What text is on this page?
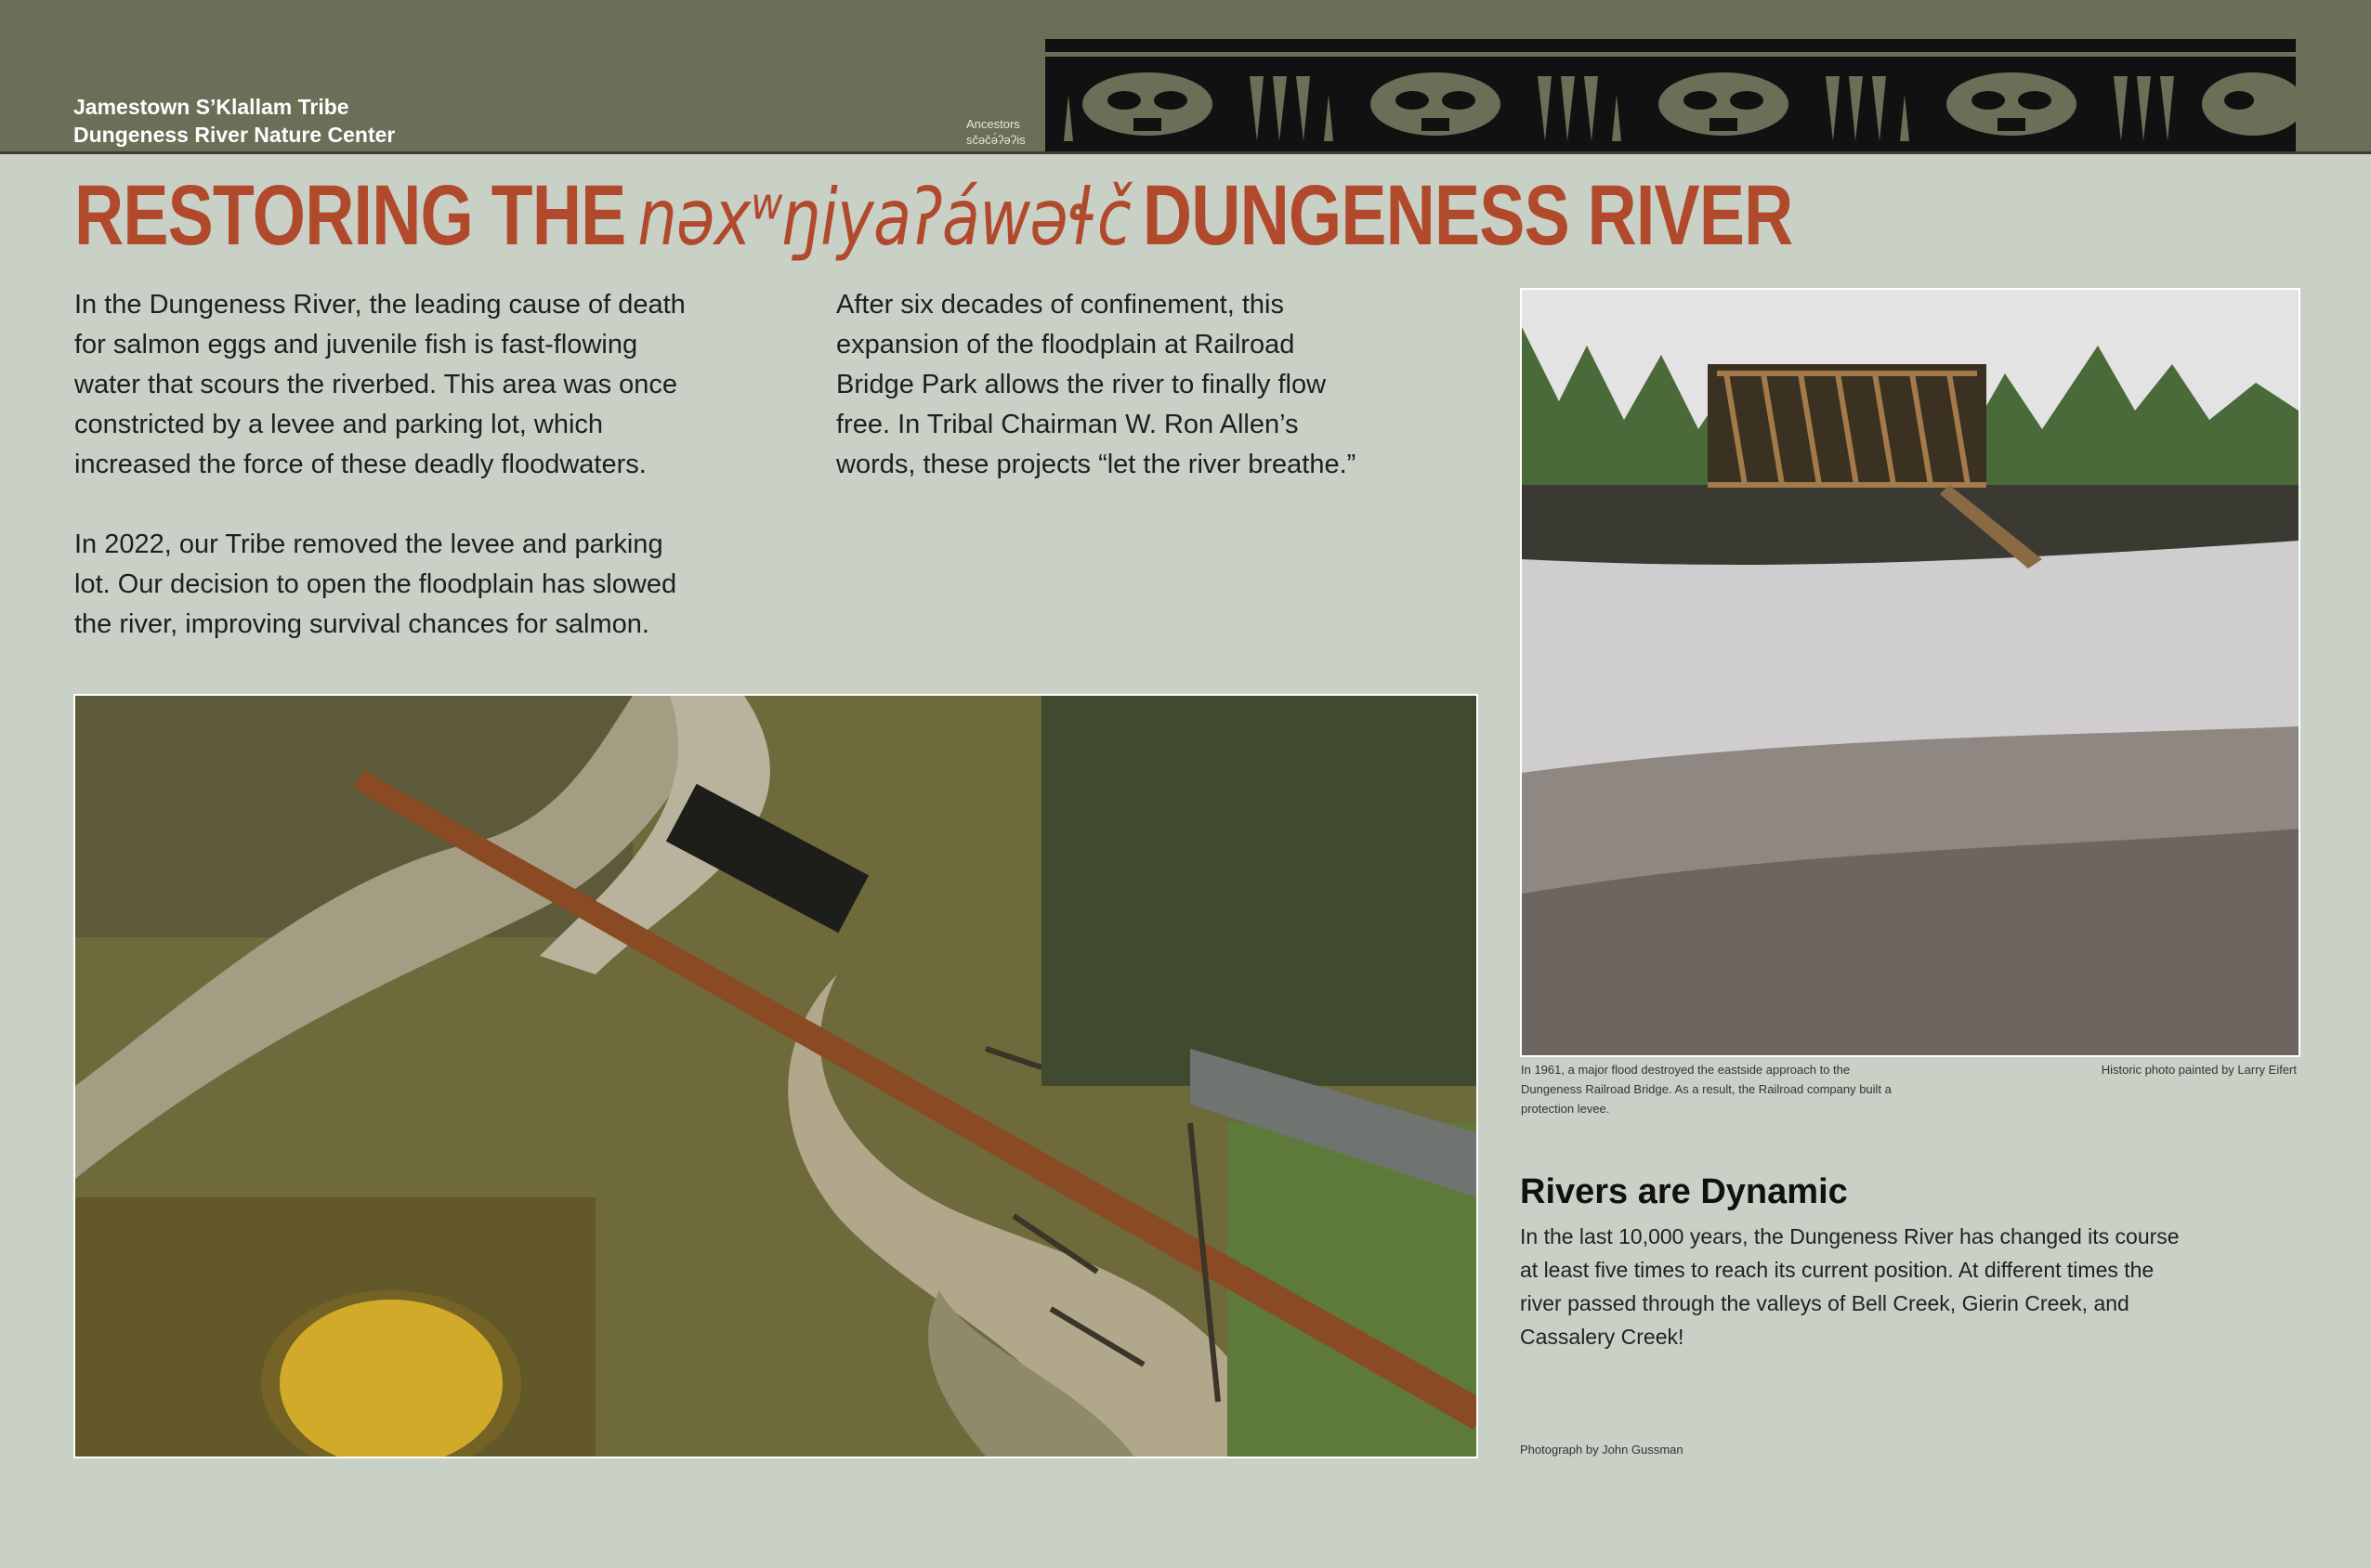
Jamestown S’Klallam Tribe
Dungeness River Nature Center	Ancestors
sčəčə́ʔəʔis
RESTORING THE nəxʷŋiyaʔáwəɬč DUNGENESS RIVER
In the Dungeness River, the leading cause of death for salmon eggs and juvenile fish is fast-flowing water that scours the riverbed. This area was once constricted by a levee and parking lot, which increased the force of these deadly floodwaters.
In 2022, our Tribe removed the levee and parking lot. Our decision to open the floodplain has slowed the river, improving survival chances for salmon.
After six decades of confinement, this expansion of the floodplain at Railroad Bridge Park allows the river to finally flow free. In Tribal Chairman W. Ron Allen’s words, these projects “let the river breathe.”
In 1961, a major flood destroyed the eastside approach to the Dungeness Railroad Bridge. As a result, the Railroad company built a protection levee.
Historic photo painted by Larry Eifert
Rivers are Dynamic
In the last 10,000 years, the Dungeness River has changed its course at least five times to reach its current position. At different times the river passed through the valleys of Bell Creek, Gierin Creek, and Cassalery Creek!
Photograph by John Gussman
